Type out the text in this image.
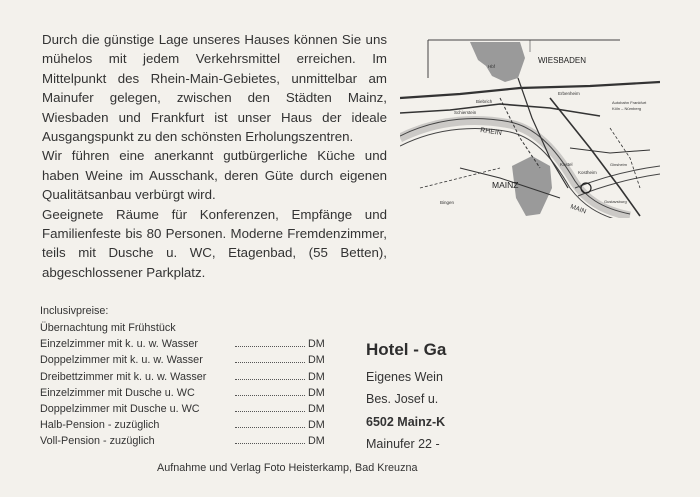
Durch die günstige Lage unseres Hauses können Sie uns mühelos mit jedem Verkehrsmittel erreichen. Im Mittelpunkt des Rhein-Main-Gebietes, unmittelbar am Mainufer gelegen, zwischen den Städten Mainz, Wiesbaden und Frankfurt ist unser Haus der ideale Ausgangspunkt zu den schönsten Erholungszentren.

Wir führen eine anerkannt gutbürgerliche Küche und haben Weine im Ausschank, deren Güte durch eigenen Qualitätsanbau verbürgt wird.

Geeignete Räume für Konferenzen, Empfänge und Familienfeste bis 80 Personen. Moderne Fremdenzimmer, teils mit Dusche u. WC, Etagenbad, (55 Betten), abgeschlossener Parkplatz.

WIESBADEN
MAINZ
RHEIN
MAIN
Biebrich
Schierstein
Erbenheim
Autobahn Frankfurt
Köln – Nürnberg
Kostel
Kostheim
Bingen
Hbf
Ginsheim
Gustavsburg
Inclusivpreise:
Übernachtung mit Frühstück
Einzelzimmer mit k. u. w. Wasser	DM
Doppelzimmer mit k. u. w. Wasser	DM
Dreibettzimmer mit k. u. w. Wasser	DM
Einzelzimmer mit Dusche u. WC	DM
Doppelzimmer mit Dusche u. WC	DM
Halb-Pension - zuzüglich	DM
Voll-Pension - zuzüglich	DM
Hotel - Ga
Eigenes Wein
Bes. Josef u.
6502 Mainz-K
Mainufer 22 -
Aufnahme und Verlag Foto Heisterkamp, Bad Kreuzna
